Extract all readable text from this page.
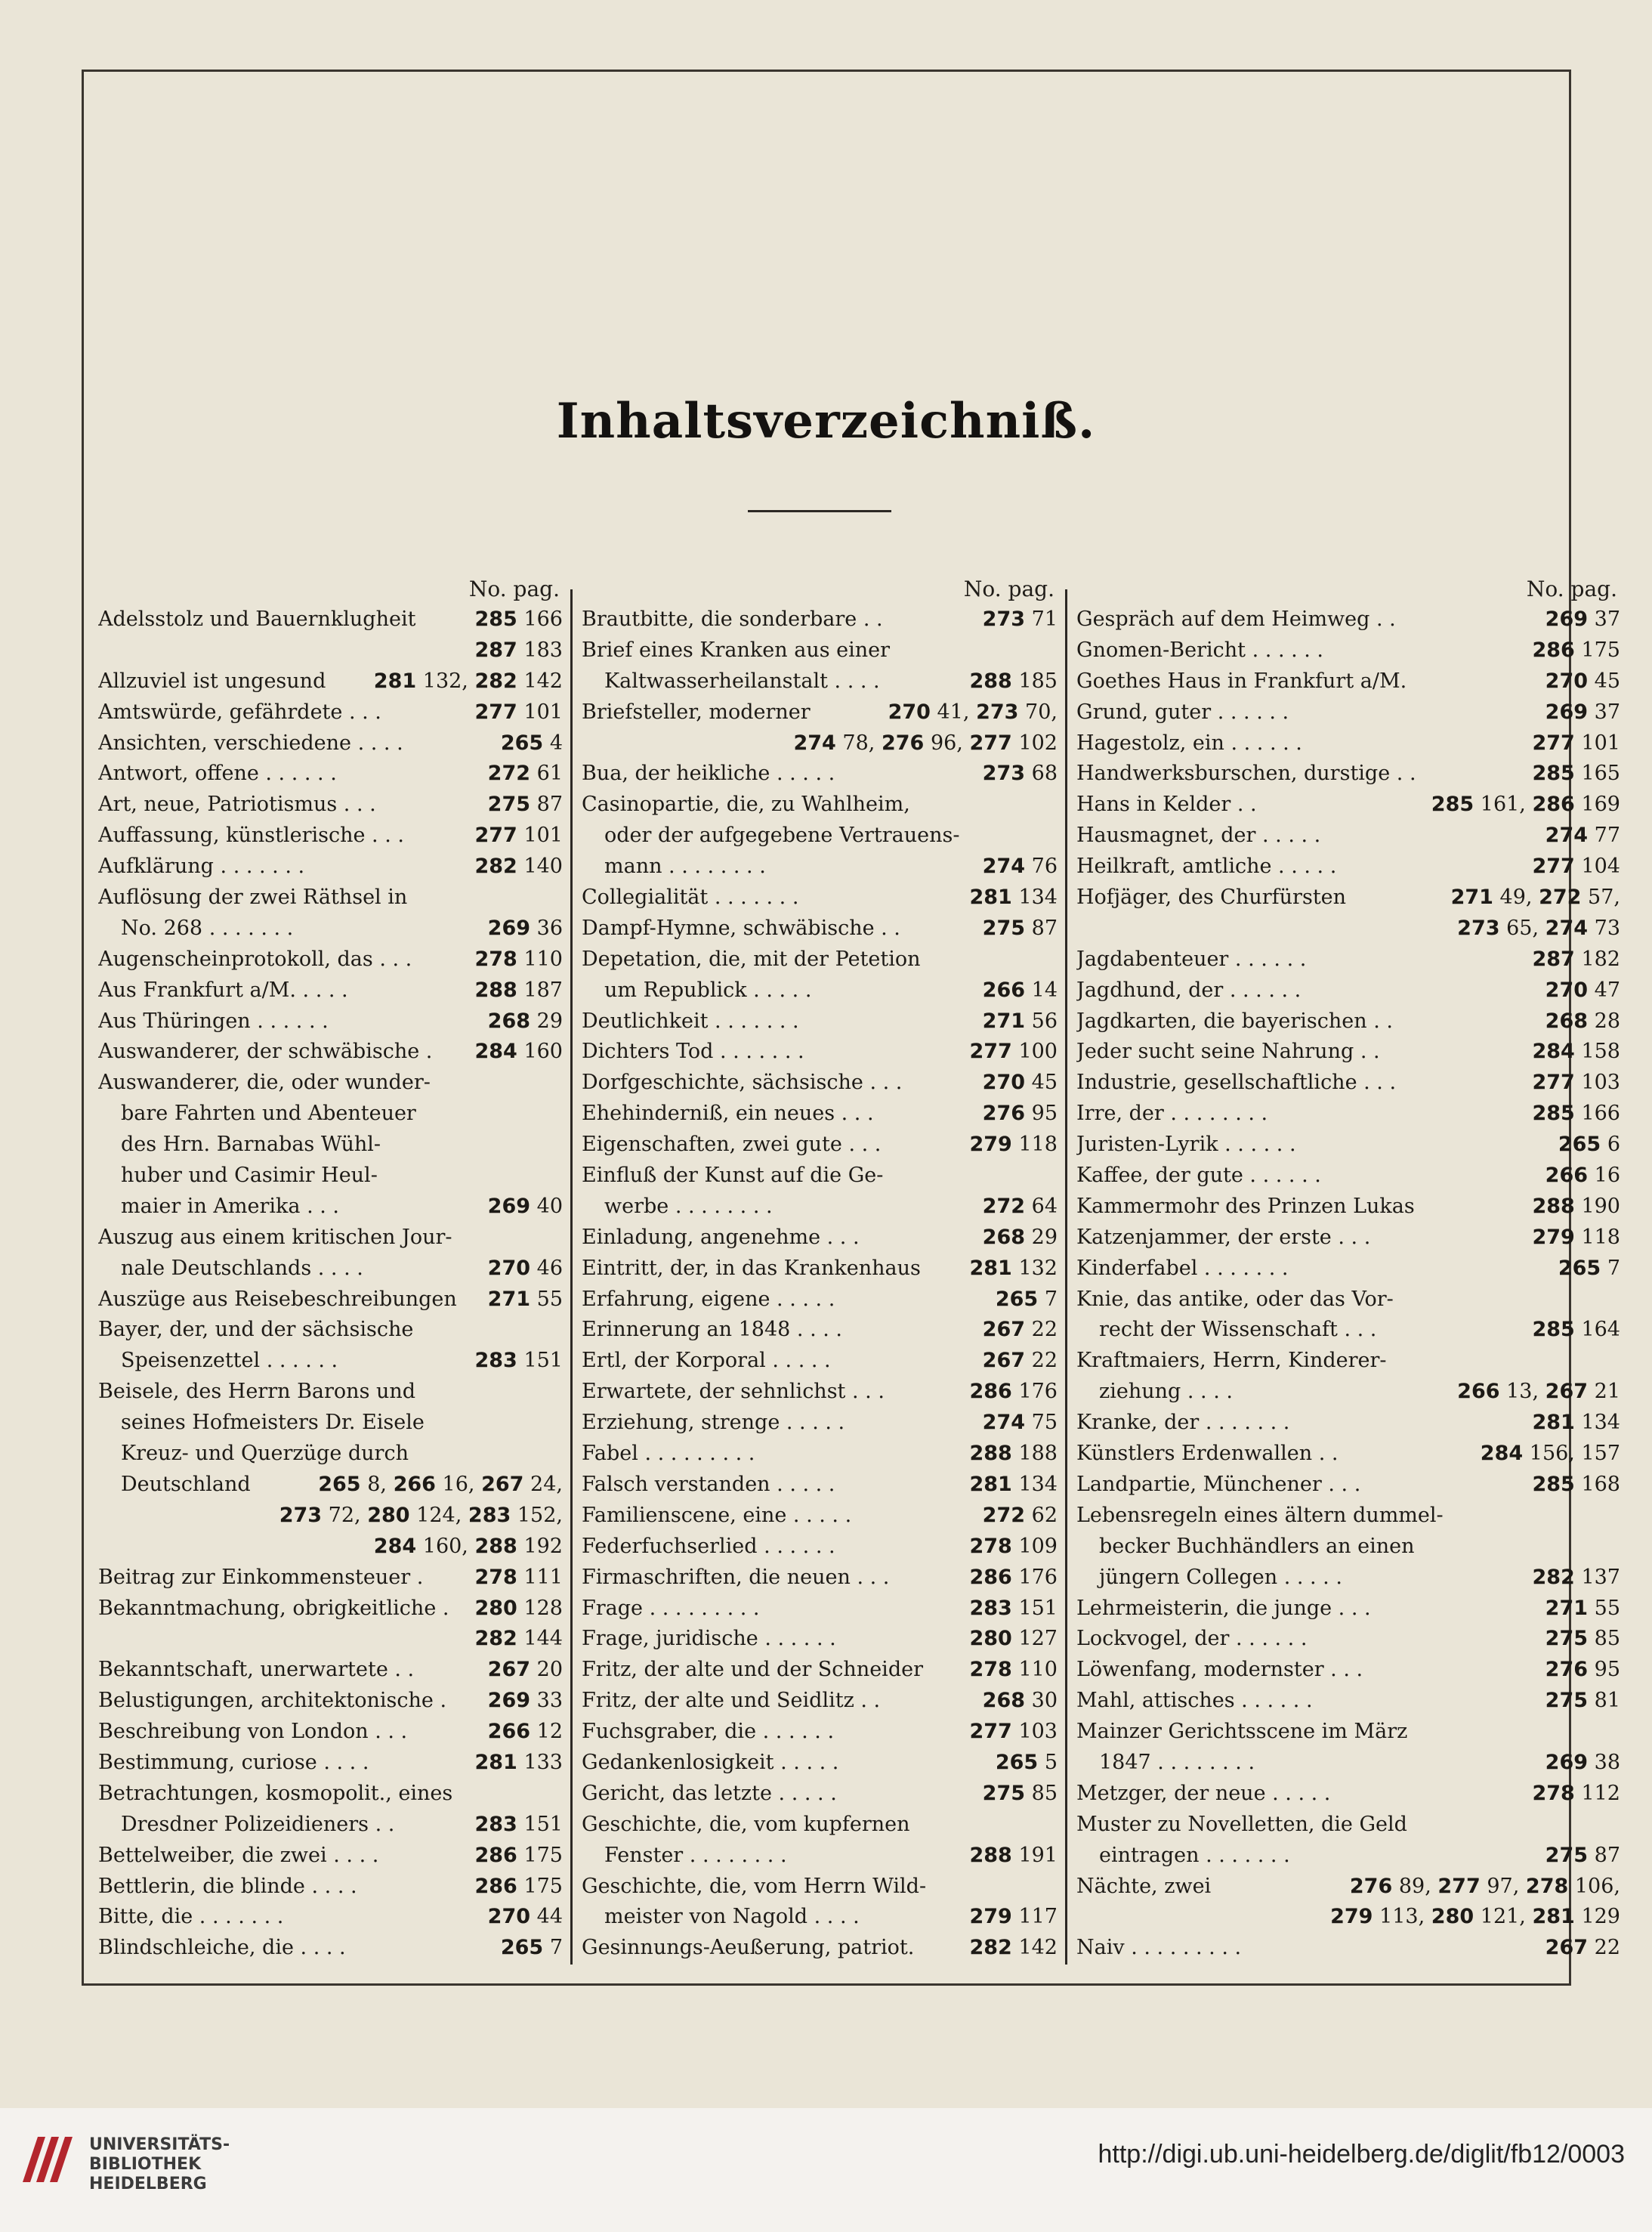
Inhaltsverzeichniß.
No. pag.
Adelsstolz und Bauernklugheit	285 166
287 183
Allzuviel ist ungesund	281 132, 282 142
Amtswürde, gefährdete . . .	277 101
Ansichten, verschiedene . . . .	265 4
Antwort, offene . . . . . .	272 61
Art, neue, Patriotismus . . .	275 87
Auffassung, künstlerische . . .	277 101
Aufklärung . . . . . . .	282 140
Auflösung der zwei Räthsel in
No. 268 . . . . . . .	269 36
Augenscheinprotokoll, das . . .	278 110
Aus Frankfurt a/M. . . . .	288 187
Aus Thüringen . . . . . .	268 29
Auswanderer, der schwäbische .	284 160
Auswanderer, die, oder wunder-
bare Fahrten und Abenteuer
des Hrn. Barnabas Wühl-
huber und Casimir Heul-
maier in Amerika . . .	269 40
Auszug aus einem kritischen Jour-
nale Deutschlands . . . .	270 46
Auszüge aus Reisebeschreibungen	271 55
Bayer, der, und der sächsische
Speisenzettel . . . . . .	283 151
Beisele, des Herrn Barons und
seines Hofmeisters Dr. Eisele
Kreuz- und Querzüge durch
Deutschland	265 8, 266 16, 267 24,
273 72, 280 124, 283 152,
284 160, 288 192
Beitrag zur Einkommensteuer .	278 111
Bekanntmachung, obrigkeitliche .	280 128
282 144
Bekanntschaft, unerwartete . .	267 20
Belustigungen, architektonische .	269 33
Beschreibung von London . . .	266 12
Bestimmung, curiose . . . .	281 133
Betrachtungen, kosmopolit., eines
Dresdner Polizeidieners . .	283 151
Bettelweiber, die zwei . . . .	286 175
Bettlerin, die blinde . . . .	286 175
Bitte, die . . . . . . .	270 44
Blindschleiche, die . . . .	265 7
No. pag.
Brautbitte, die sonderbare . .	273 71
Brief eines Kranken aus einer
Kaltwasserheilanstalt . . . .	288 185
Briefsteller, moderner	270 41, 273 70,
274 78, 276 96, 277 102
Bua, der heikliche . . . . .	273 68
Casinopartie, die, zu Wahlheim,
oder der aufgegebene Vertrauens-
mann . . . . . . . .	274 76
Collegialität . . . . . . .	281 134
Dampf-Hymne, schwäbische . .	275 87
Depetation, die, mit der Petetion
um Republick . . . . .	266 14
Deutlichkeit . . . . . . .	271 56
Dichters Tod . . . . . . .	277 100
Dorfgeschichte, sächsische . . .	270 45
Ehehinderniß, ein neues . . .	276 95
Eigenschaften, zwei gute . . .	279 118
Einfluß der Kunst auf die Ge-
werbe . . . . . . . .	272 64
Einladung, angenehme . . .	268 29
Eintritt, der, in das Krankenhaus	281 132
Erfahrung, eigene . . . . .	265 7
Erinnerung an 1848 . . . .	267 22
Ertl, der Korporal . . . . .	267 22
Erwartete, der sehnlichst . . .	286 176
Erziehung, strenge . . . . .	274 75
Fabel . . . . . . . . .	288 188
Falsch verstanden . . . . .	281 134
Familienscene, eine . . . . .	272 62
Federfuchserlied . . . . . .	278 109
Firmaschriften, die neuen . . .	286 176
Frage . . . . . . . . .	283 151
Frage, juridische . . . . . .	280 127
Fritz, der alte und der Schneider	278 110
Fritz, der alte und Seidlitz . .	268 30
Fuchsgraber, die . . . . . .	277 103
Gedankenlosigkeit . . . . .	265 5
Gericht, das letzte . . . . .	275 85
Geschichte, die, vom kupfernen
Fenster . . . . . . . .	288 191
Geschichte, die, vom Herrn Wild-
meister von Nagold . . . .	279 117
Gesinnungs-Aeußerung, patriot.	282 142
No. pag.
Gespräch auf dem Heimweg . .	269 37
Gnomen-Bericht . . . . . .	286 175
Goethes Haus in Frankfurt a/M.	270 45
Grund, guter . . . . . .	269 37
Hagestolz, ein . . . . . .	277 101
Handwerksburschen, durstige . .	285 165
Hans in Kelder . .	285 161, 286 169
Hausmagnet, der . . . . .	274 77
Heilkraft, amtliche . . . . .	277 104
Hofjäger, des Churfürsten	271 49, 272 57,
273 65, 274 73
Jagdabenteuer . . . . . .	287 182
Jagdhund, der . . . . . .	270 47
Jagdkarten, die bayerischen . .	268 28
Jeder sucht seine Nahrung . .	284 158
Industrie, gesellschaftliche . . .	277 103
Irre, der . . . . . . . .	285 166
Juristen-Lyrik . . . . . .	265 6
Kaffee, der gute . . . . . .	266 16
Kammermohr des Prinzen Lukas	288 190
Katzenjammer, der erste . . .	279 118
Kinderfabel . . . . . . .	265 7
Knie, das antike, oder das Vor-
recht der Wissenschaft . . .	285 164
Kraftmaiers, Herrn, Kinderer-
ziehung . . . .	266 13, 267 21
Kranke, der . . . . . . .	281 134
Künstlers Erdenwallen . .	284 156, 157
Landpartie, Münchener . . .	285 168
Lebensregeln eines ältern dummel-
becker Buchhändlers an einen
jüngern Collegen . . . . .	282 137
Lehrmeisterin, die junge . . .	271 55
Lockvogel, der . . . . . .	275 85
Löwenfang, modernster . . .	276 95
Mahl, attisches . . . . . .	275 81
Mainzer Gerichtsscene im März
1847 . . . . . . . .	269 38
Metzger, der neue . . . . .	278 112
Muster zu Novelletten, die Geld
eintragen . . . . . . .	275 87
Nächte, zwei	276 89, 277 97, 278 106,
279 113, 280 121, 281 129
Naiv . . . . . . . . .	267 22
UNIVERSITÄTS-
BIBLIOTHEK
HEIDELBERG
http://digi.ub.uni-heidelberg.de/diglit/fb12/0003
